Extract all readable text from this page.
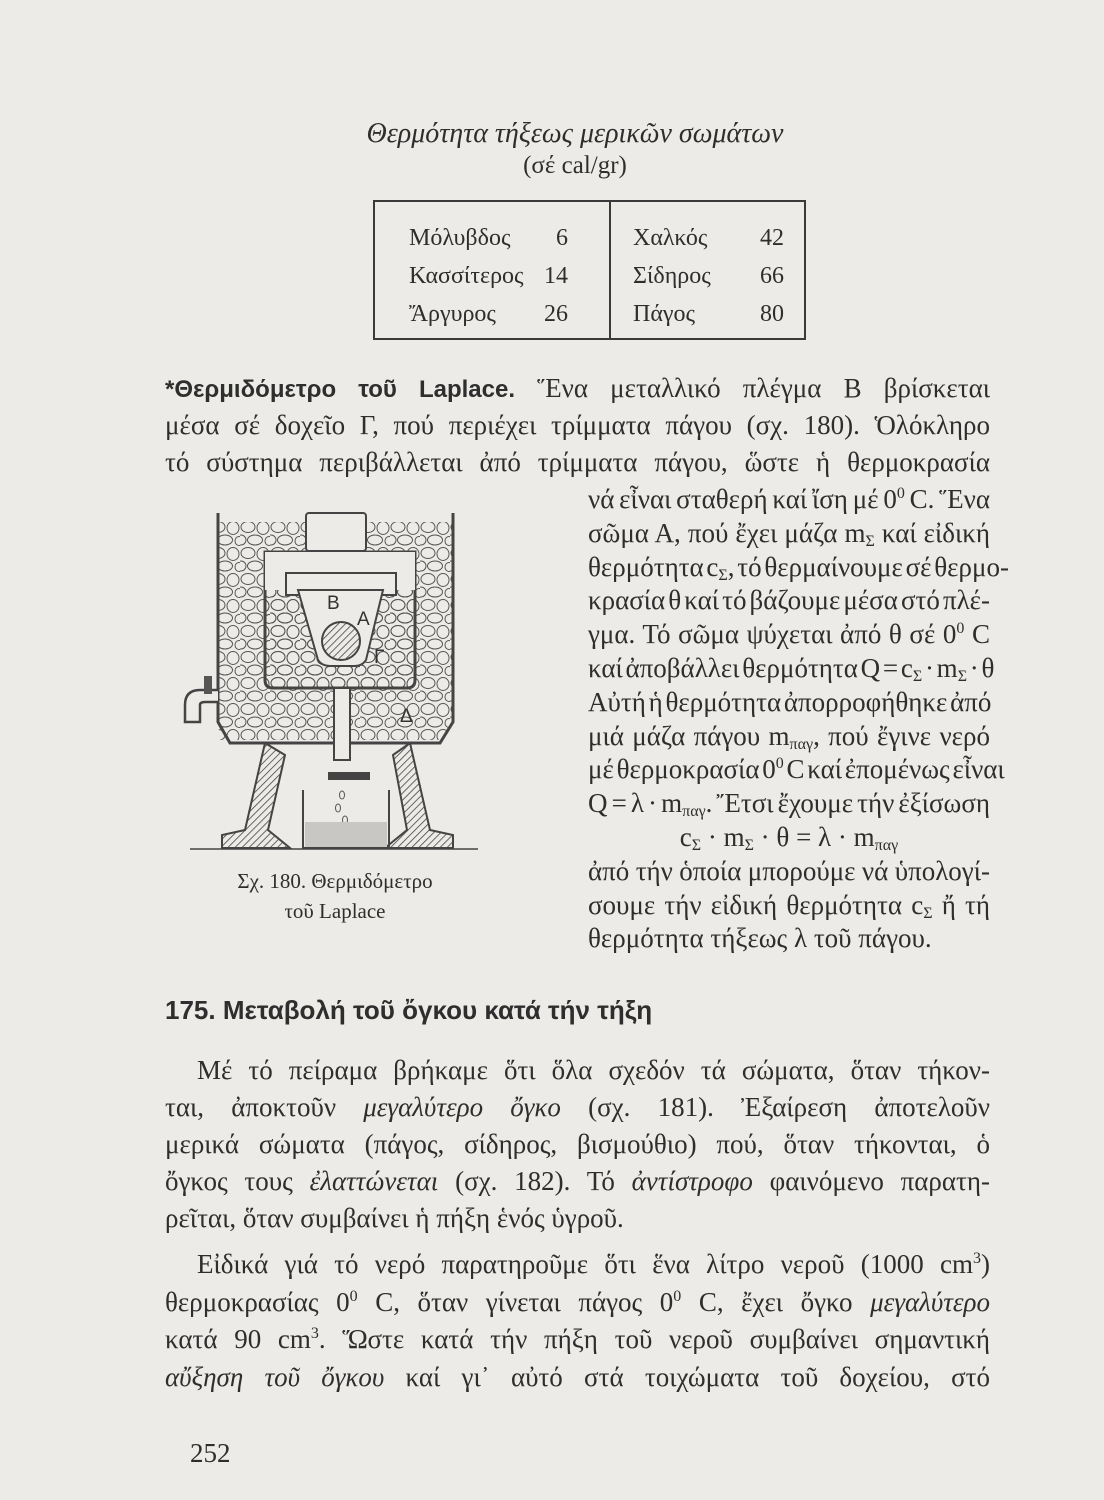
Θερμότητα τήξεως μερικῶν σωμάτων
(σέ cal/gr)
Μόλυβδος 6
Κασσίτερος 14
Ἄργυρος 26
Χαλκός 42
Σίδηρος 66
Πάγος	80
*Θερμιδόμετρο τοῦ Laplace. Ἕνα μεταλλικό πλέγμα Β βρίσκεται
μέσα σέ δοχεῖο Γ, πού περιέχει τρίμματα πάγου (σχ. 180). Ὁλόκληρο
τό σύστημα περιβάλλεται ἀπό τρίμματα πάγου, ὥστε ἡ θερμοκρασία
νά εἶναι σταθερή καί ἴση μέ $0^0$ C. Ἕνα
σῶμα Α, πού ἔχει μάζα $m_\Sigma$ καί εἰδική
θερμότητα $c_\Sigma$, τό θερμαίνουμε σέ θερμο-
κρασία θ καί τό βάζουμε μέσα στό πλέ-
γμα. Τό σῶμα ψύχεται ἀπό θ σέ $0^0$ C
καί ἀποβάλλει θερμότητα $Q = c_\Sigma \cdot m_\Sigma \cdot \theta$
Αὐτή ἡ θερμότητα ἀπορροφήθηκε ἀπό
μιά μάζα πάγου $m_{\pi\alpha\gamma}$, πού ἔγινε νερό
μέ θερμοκρασία $0^0$ C καί ἐπομένως εἶναι
$Q = \lambda \cdot m_{\pi\alpha\gamma}$. Ἔτσι ἔχουμε τήν ἐξίσωση
$c_\Sigma \cdot m_\Sigma \cdot \theta = \lambda \cdot m_{\pi\alpha\gamma}$
ἀπό τήν ὁποία μπορούμε νά ὑπολογί-
σουμε τήν εἰδική θερμότητα $c_\Sigma$ ἤ τή
θερμότητα τήξεως λ τοῦ πάγου.
B
A
Γ
Δ
Σχ. 180. Θερμιδόμετρο
τοῦ Laplace
175. Μεταβολή τοῦ ὄγκου κατά τήν τήξη
Μέ τό πείραμα βρήκαμε ὅτι ὅλα σχεδόν τά σώματα, ὅταν τήκον-
ται, ἀποκτοῦν μεγαλύτερο ὄγκο (σχ. 181). Ἐξαίρεση ἀποτελοῦν
μερικά σώματα (πάγος, σίδηρος, βισμούθιο) πού, ὅταν τήκονται, ὁ
ὄγκος τους ἐλαττώνεται (σχ. 182). Τό ἀντίστροφο φαινόμενο παρατη-
ρεῖται, ὅταν συμβαίνει ἡ πήξη ἑνός ὑγροῦ.
Εἰδικά γιά τό νερό παρατηροῦμε ὅτι ἕνα λίτρο νεροῦ (1000 $cm^3$)
θερμοκρασίας $0^0$ C, ὅταν γίνεται πάγος $0^0$ C, ἔχει ὄγκο μεγαλύτερο
κατά 90 $cm^3$. Ὥστε κατά τήν πήξη τοῦ νεροῦ συμβαίνει σημαντική
αὔξηση τοῦ ὄγκου καί γι᾽ αὐτό στά τοιχώματα τοῦ δοχείου, στό
252
